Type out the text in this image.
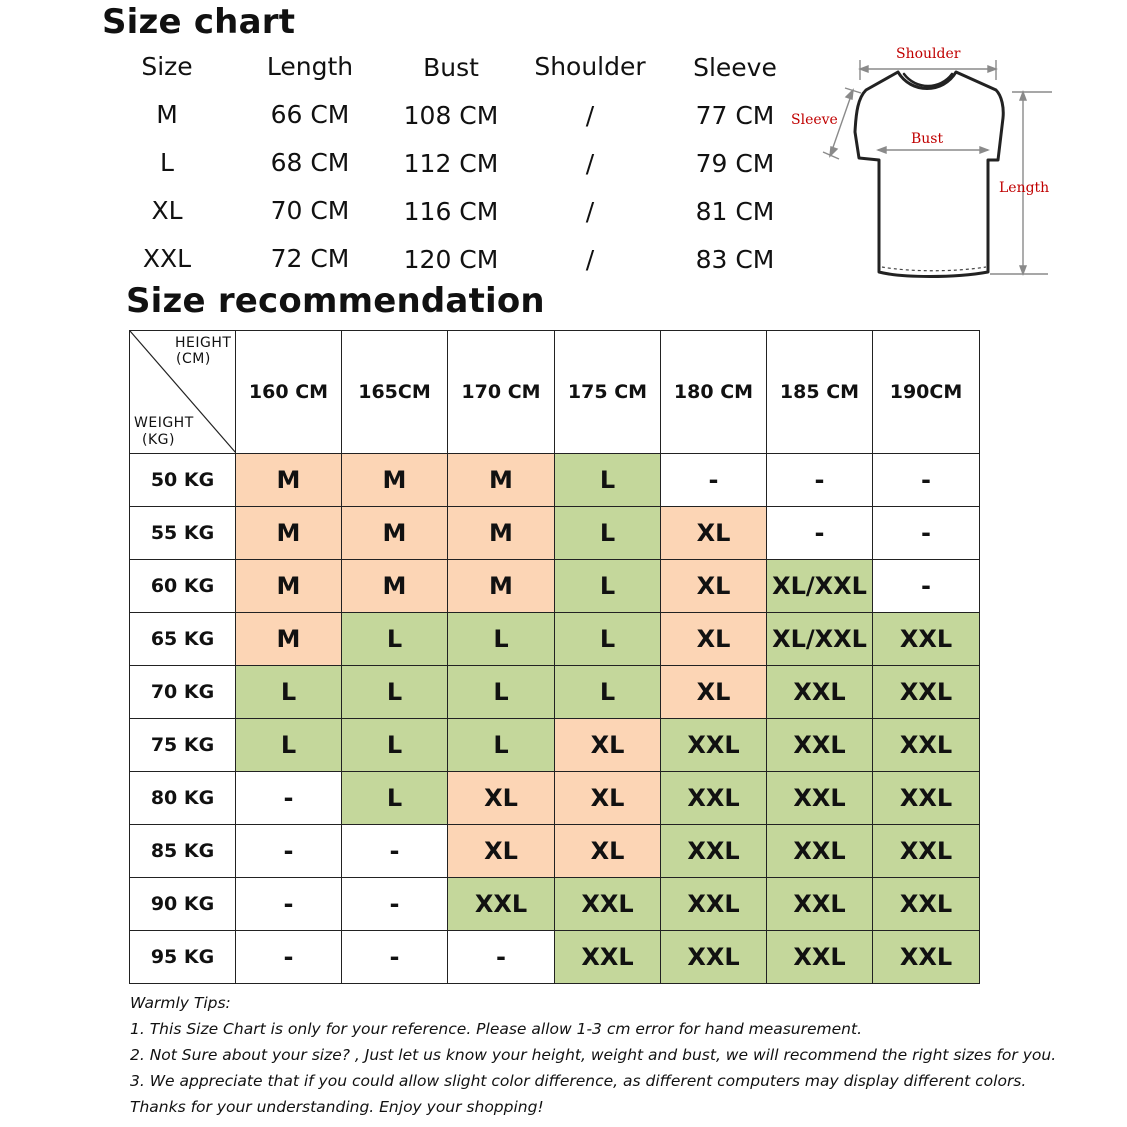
Size chart
Size	Length	Bust	Shoulder	Sleeve
M	66 CM	108 CM	/	77 CM
L	68 CM	112 CM	/	79 CM
XL	70 CM	116 CM	/	81 CM
XXL	72 CM	120 CM	/	83 CM
Shoulder
Sleeve
Bust
Length
Size recommendation
HEIGHT
(CM)
WEIGHT
(KG)	160 CM	165CM	170 CM	175 CM	180 CM	185 CM	190CM
50 KG	M	M	M	L	-	-	-
55 KG	M	M	M	L	XL	-	-
60 KG	M	M	M	L	XL	XL/XXL	-
65 KG	M	L	L	L	XL	XL/XXL	XXL
70 KG	L	L	L	L	XL	XXL	XXL
75 KG	L	L	L	XL	XXL	XXL	XXL
80 KG	-	L	XL	XL	XXL	XXL	XXL
85 KG	-	-	XL	XL	XXL	XXL	XXL
90 KG	-	-	XXL	XXL	XXL	XXL	XXL
95 KG	-	-	-	XXL	XXL	XXL	XXL
Warmly Tips:
1. This Size Chart is only for your reference. Please allow 1-3 cm error for hand measurement.
2. Not Sure about your size? , Just let us know your height, weight and bust, we will recommend the right sizes for you.
3. We appreciate that if you could allow slight color difference, as different computers may display different colors.
Thanks for your understanding. Enjoy your shopping!
